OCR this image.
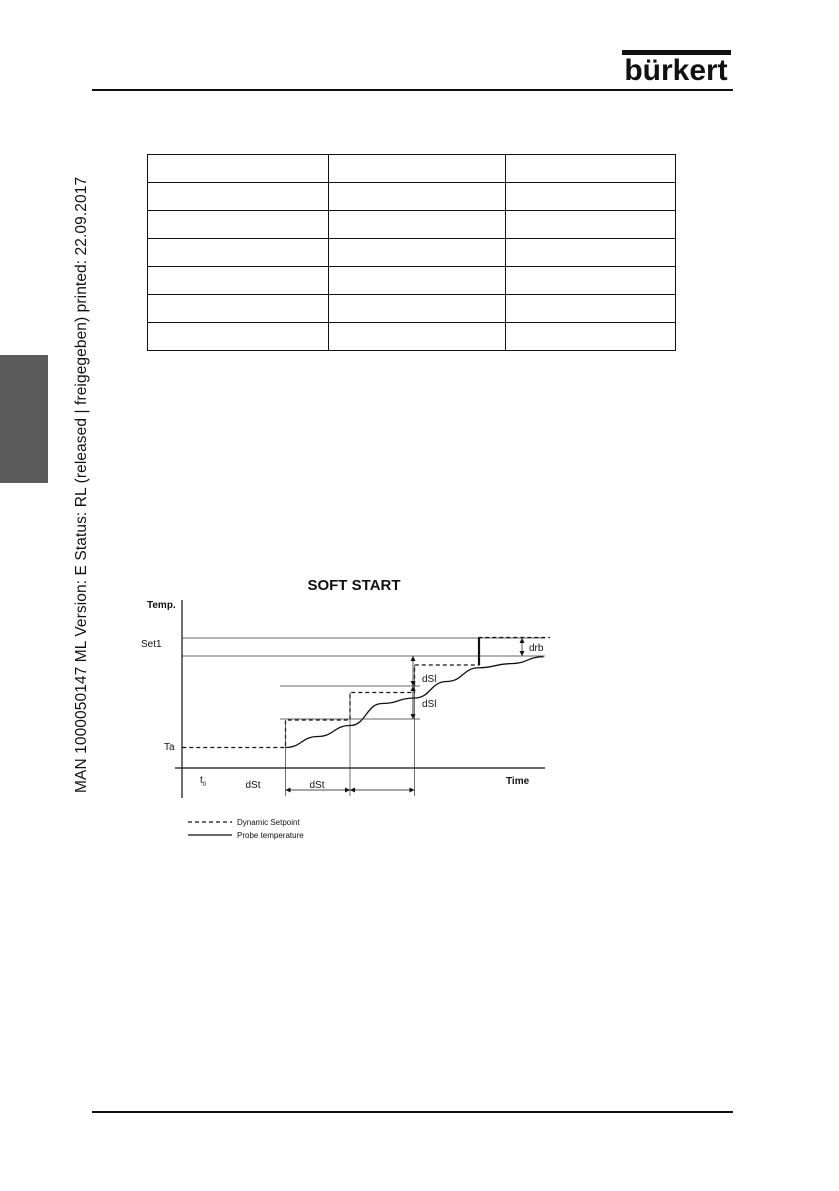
bürkert
MAN 1000050147 ML Version: E Status: RL (released | freigegeben) printed: 22.09.2017

			SOFT START
Temp.
Time
Set1
Ta
$t_0$	dSt	dSt
dSl
dSl
drb
Dynamic Setpoint
Probe temperature
